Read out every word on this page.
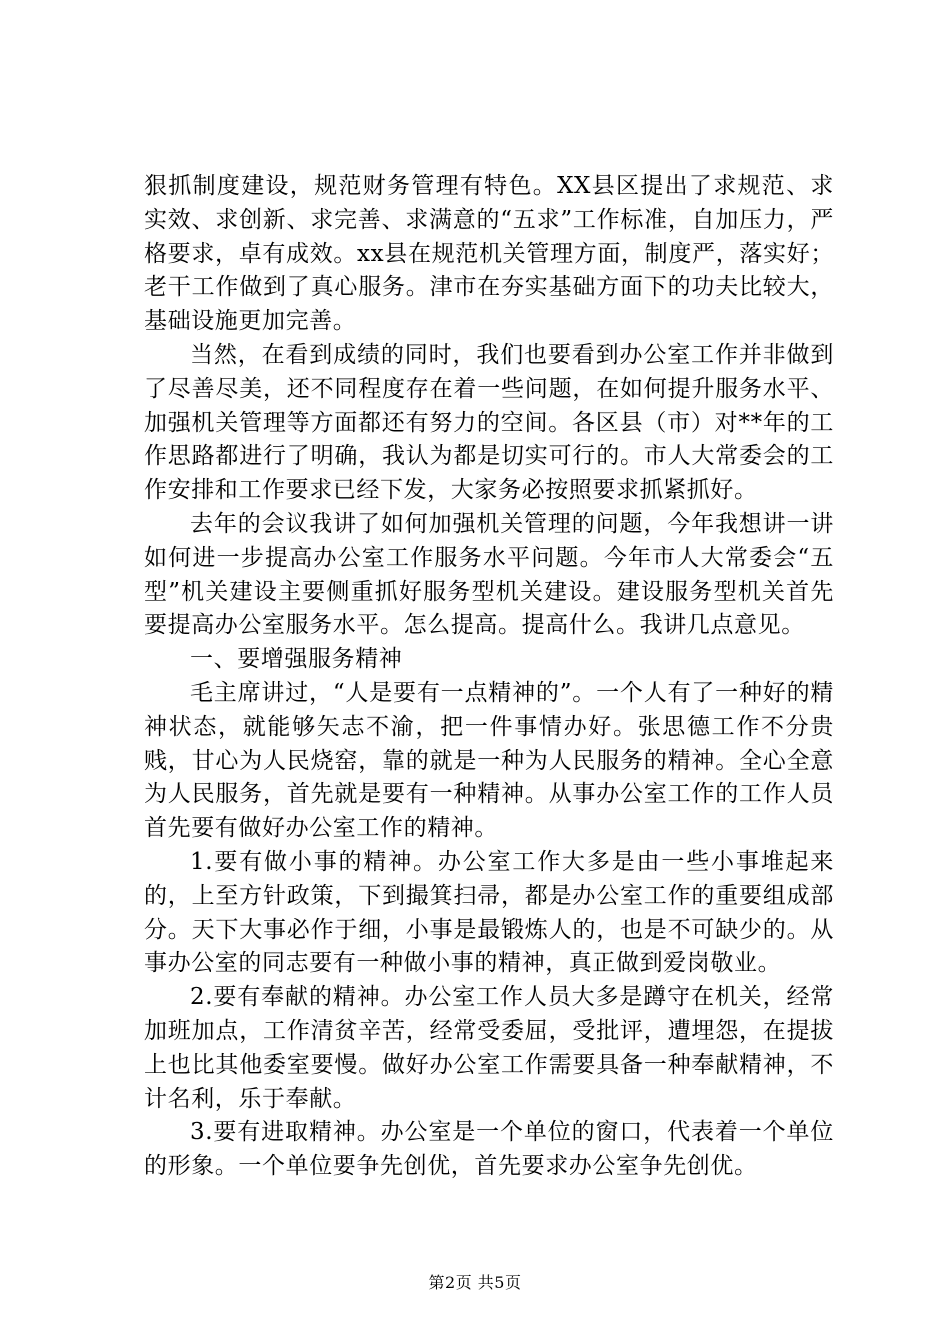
狠抓制度建设，规范财务管理有特色。XX县区提出了求规范、求实效、求创新、求完善、求满意的“五求”工作标准，自加压力，严格要求，卓有成效。xx县在规范机关管理方面，制度严，落实好；老干工作做到了真心服务。津市在夯实基础方面下的功夫比较大，基础设施更加完善。

当然，在看到成绩的同时，我们也要看到办公室工作并非做到了尽善尽美，还不同程度存在着一些问题，在如何提升服务水平、加强机关管理等方面都还有努力的空间。各区县（市）对**年的工作思路都进行了明确，我认为都是切实可行的。市人大常委会的工作安排和工作要求已经下发，大家务必按照要求抓紧抓好。

去年的会议我讲了如何加强机关管理的问题，今年我想讲一讲如何进一步提高办公室工作服务水平问题。今年市人大常委会“五型”机关建设主要侧重抓好服务型机关建设。建设服务型机关首先要提高办公室服务水平。怎么提高。提高什么。我讲几点意见。

一、要增强服务精神

毛主席讲过，“人是要有一点精神的”。一个人有了一种好的精神状态，就能够矢志不渝，把一件事情办好。张思德工作不分贵贱，甘心为人民烧窑，靠的就是一种为人民服务的精神。全心全意为人民服务，首先就是要有一种精神。从事办公室工作的工作人员首先要有做好办公室工作的精神。

1.要有做小事的精神。办公室工作大多是由一些小事堆起来的，上至方针政策，下到撮箕扫帚，都是办公室工作的重要组成部分。天下大事必作于细，小事是最锻炼人的，也是不可缺少的。从事办公室的同志要有一种做小事的精神，真正做到爱岗敬业。

2.要有奉献的精神。办公室工作人员大多是蹲守在机关，经常加班加点，工作清贫辛苦，经常受委屈，受批评，遭埋怨，在提拔上也比其他委室要慢。做好办公室工作需要具备一种奉献精神，不计名利，乐于奉献。

3.要有进取精神。办公室是一个单位的窗口，代表着一个单位的形象。一个单位要争先创优，首先要求办公室争先创优。

第2页 共5页
